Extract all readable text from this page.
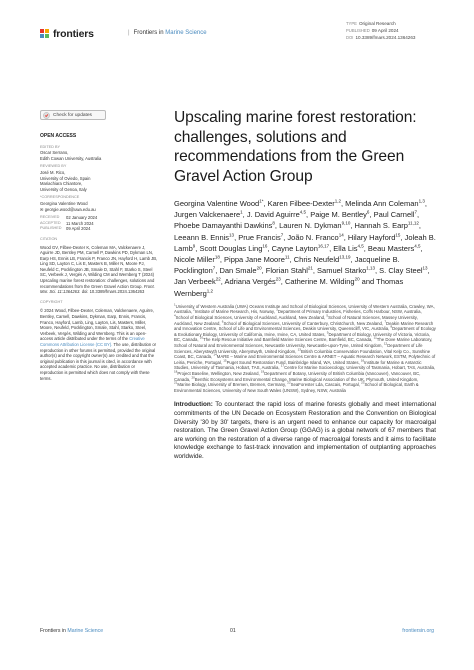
frontiers	| Frontiers in Marine Science
TYPE Original Research
PUBLISHED 09 April 2024
DOI 10.3389/fmars.2024.1364263
Check for updates
OPEN ACCESS
EDITED BY
Oscar Serrano,
Edith Cowan University, Australia
REVIEWED BY
José M. Rico,
University of Oviedo, Spain
Mariachiara Chiantore,
University of Genoa, Italy
*CORRESPONDENCE
Georgina Valentine Wood
✉ georgie.wood@uwa.edu.au
RECEIVED	02 January 2024
ACCEPTED	11 March 2024
PUBLISHED	09 April 2024
CITATION
Wood GV, Filbee-Dexter K, Coleman MA, Valckenaere J, Aguirre JD, Bentley PM, Carnell P, Dawkins PD, Dykman LN, Earp HS, Ennis LB, Francis P, Franco JN, Hayford H, Lamb JB, Ling SD, Layton C, Lis E, Masters B, Miller N, Moore PJ, Neufeld C, Pocklington JB, Smale D, Stahl F, Starko S, Steel SC, Verbeek J, Vergés A, Wilding CM and Wernberg T (2024) Upscaling marine forest restoration: challenges, solutions and recommendations from the Green Gravel Action Group. Front. Mar. Sci. 11:1364263. doi: 10.3389/fmars.2024.1364263
COPYRIGHT
© 2024 Wood, Filbee-Dexter, Coleman, Valckenaere, Aguirre, Bentley, Carnell, Dawkins, Dykman, Earp, Ennis, Francis, Franco, Hayford, Lamb, Ling, Layton, Lis, Masters, Miller, Moore, Neufeld, Pocklington, Smale, Stahl, Starko, Steel, Verbeek, Vergés, Wilding and Wernberg. This is an open-access article distributed under the terms of the Creative Commons Attribution License (CC BY). The use, distribution or reproduction in other forums is permitted, provided the original author(s) and the copyright owner(s) are credited and that the original publication in this journal is cited, in accordance with accepted academic practice. No use, distribution or reproduction is permitted which does not comply with these terms.
Upscaling marine forest restoration: challenges, solutions and recommendations from the Green Gravel Action Group
Georgina Valentine Wood$^{1*}$, Karen Filbee-Dexter$^{1,2}$, Melinda Ann Coleman$^{1,3}$, Jurgen Valckenaere$^1$, J. David Aguirre$^{4,5}$, Paige M. Bentley$^6$, Paul Carnell$^7$, Phoebe Damayanthi Dawkins$^8$, Lauren N. Dykman$^{9,10}$, Hannah S. Earp$^{11,12}$, Leeann B. Ennis$^{13}$, Prue Francis$^7$, João N. Franco$^{14}$, Hilary Hayford$^{15}$, Joleah B. Lamb$^9$, Scott Douglas Ling$^{16}$, Cayne Layton$^{16,17}$, Ella Lis$^{4,5}$, Beau Masters$^{4,5}$, Nicole Miller$^{18}$, Pippa Jane Moore$^{11}$, Chris Neufeld$^{13,19}$, Jacqueline B. Pocklington$^7$, Dan Smale$^{20}$, Florian Stahl$^{21}$, Samuel Starko$^{1,13}$, S. Clay Steel$^{13}$, Jan Verbeek$^{22}$, Adriana Vergés$^{23}$, Catherine M. Wilding$^{20}$ and Thomas Wernberg$^{1,2}$
$^1$University of Western Australia (UWA) Oceans Institute and School of Biological Sciences, University of Western Australia, Crawley, WA, Australia, $^2$Institute of Marine Research, His, Norway, $^3$Department of Primary Industries, Fisheries, Coffs Harbour, NSW, Australia, $^4$School of Biological Sciences, University of Auckland, Auckland, New Zealand, $^5$School of Natural Sciences, Massey University, Auckland, New Zealand, $^6$School of Biological Sciences, University of Canterbury, Christchurch, New Zealand, $^7$Deakin Marine Research and Innovation Centre, School of Life and Environmental Sciences, Deakin University, Queenscliff, VIC, Australia, $^8$Department of Ecology & Evolutionary Biology, University of California, Irvine, Irvine, CA, United States, $^9$Department of Biology, University of Victoria, Victoria, BC, Canada, $^{10}$The Kelp Rescue Initiative and Bamfield Marine Sciences Centre, Bamfield, BC, Canada, $^{11}$The Dove Marine Laboratory, School of Natural and Environmental Sciences, Newcastle University, Newcastle-upon-Tyne, United Kingdom, $^{12}$Department of Life Sciences, Aberystwyth University, Aberystwyth, United Kingdom, $^{13}$British Columbia Conservation Foundation, Vital Kelp Co., Sunshine Coast, BC, Canada, $^{14}$MARE – Marine and Environmental Sciences Centre & ARNET – Aquatic Research Network, ESTM, Polytechnic of Leiria, Peniche, Portugal, $^{15}$Puget Sound Restoration Fund, Bainbridge Island, WA, United States, $^{16}$Institute for Marine & Antarctic Studies, University of Tasmania, Hobart, TAS, Australia, $^{17}$Centre for Marine Socioecology, University of Tasmania, Hobart, TAS, Australia, $^{18}$Project Baseline, Wellington, New Zealand, $^{19}$Department of Botany, University of British Columbia (Vancouver), Vancouver, BC, Canada, $^{20}$Benthic Ecosystems and Environmental Change, Marine Biological Association of the UK, Plymouth, United Kingdom, $^{21}$Marine Biology, University of Bremen, Bremen, Germany, $^{22}$SeaForester Lda, Cascais, Portugal, $^{23}$School of Biological, Earth & Environmental Sciences, University of New South Wales (UNSW), Sydney, NSW, Australia
Introduction: To counteract the rapid loss of marine forests globally and meet international commitments of the UN Decade on Ecosystem Restoration and the Convention on Biological Diversity '30 by 30' targets, there is an urgent need to enhance our capacity for macroalgal restoration. The Green Gravel Action Group (GGAG) is a global network of 67 members that are working on the restoration of a diverse range of macroalgal forests and it aims to facilitate knowledge exchange to fast-track innovation and implementation of outplanting approaches worldwide.
Frontiers in Marine Science	01	frontiersin.org
